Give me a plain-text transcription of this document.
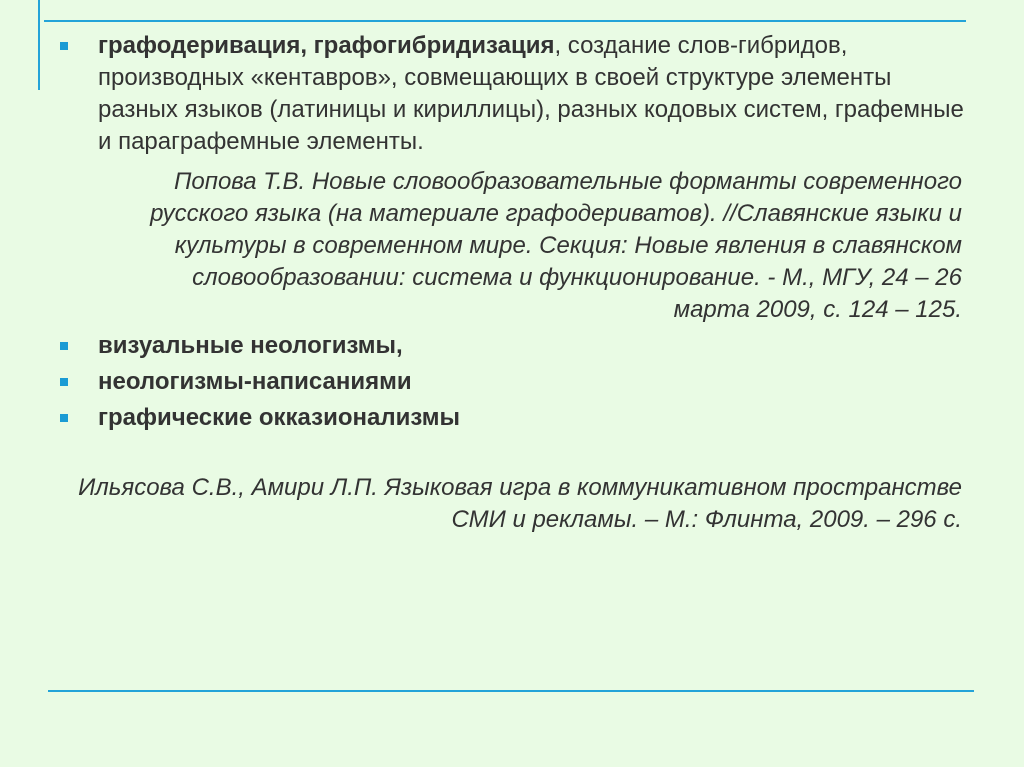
графодеривация, графогибридизация, создание слов-гибридов, производных «кентавров», совмещающих в своей структуре элементы разных языков (латиницы и кириллицы), разных кодовых систем, графемные и параграфемные элементы.
Попова Т.В. Новые словообразовательные форманты современного русского языка (на материале графодериватов). //Славянские языки и культуры в современном мире. Секция: Новые явления в славянском словообразовании: система и функционирование. - М., МГУ, 24 – 26 марта 2009, с. 124 – 125.
визуальные неологизмы,
неологизмы-написаниями
графические окказионализмы
Ильясова С.В., Амири Л.П. Языковая игра в коммуникативном пространстве СМИ и рекламы. – М.: Флинта, 2009. – 296 с.
